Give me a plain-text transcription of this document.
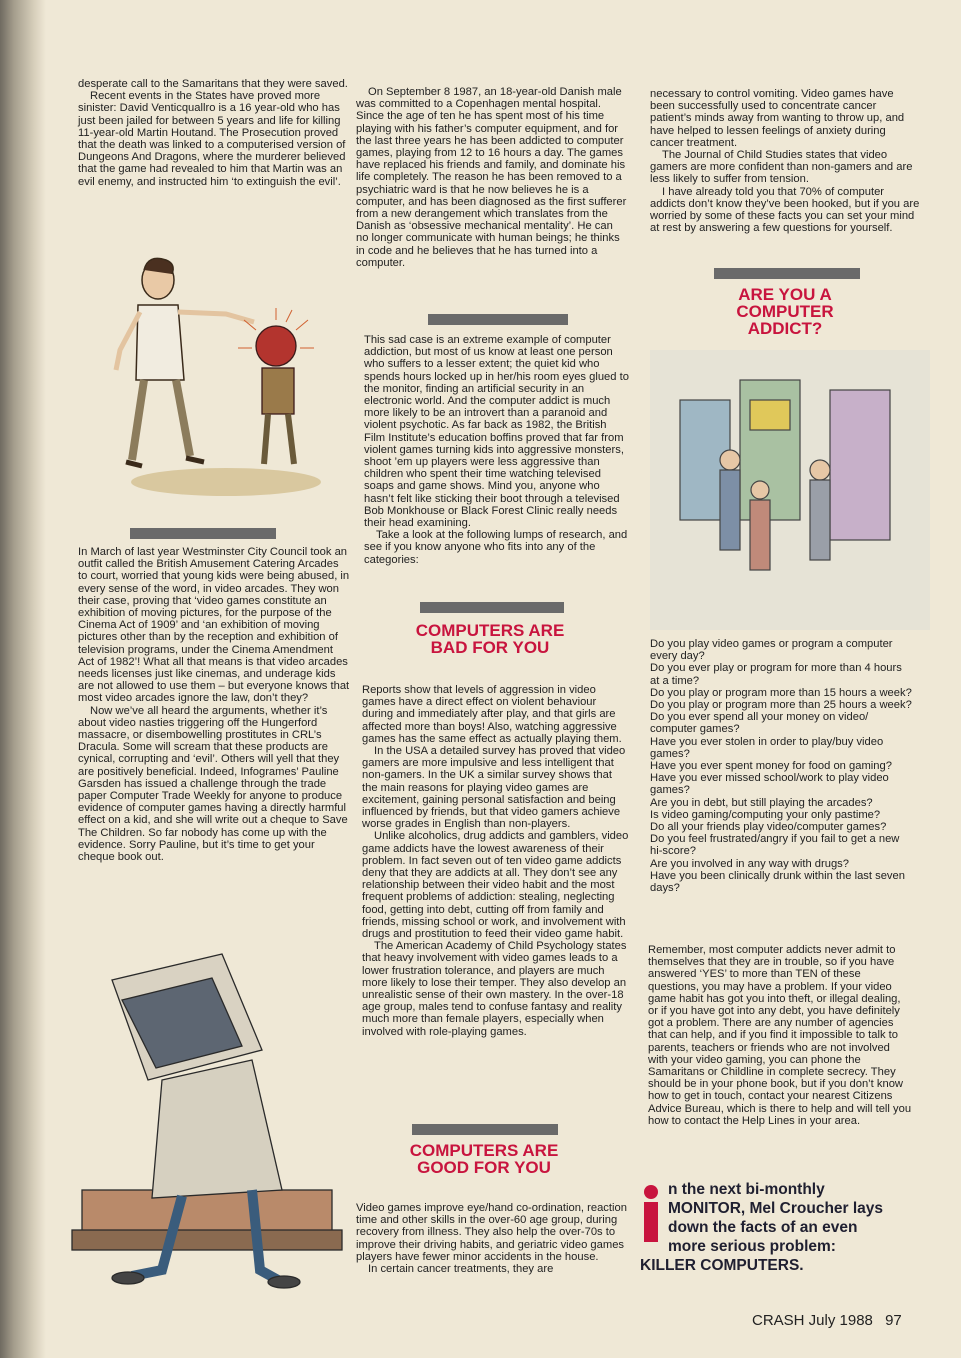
desperate call to the Samaritans that they were saved.

Recent events in the States have proved more sinister: David Venticquallro is a 16 year-old who has just been jailed for between 5 years and life for killing 11-year-old Martin Houtand. The Prosecution proved that the death was linked to a computerised version of Dungeons And Dragons, where the murderer believed that the game had revealed to him that Martin was an evil enemy, and instructed him ‘to extinguish the evil’.

In March of last year Westminster City Council took an outfit called the British Amusement Catering Arcades to court, worried that young kids were being abused, in every sense of the word, in video arcades. They won their case, proving that ‘video games constitute an exhibition of moving pictures, for the purpose of the Cinema Act of 1909’ and ‘an exhibition of moving pictures other than by the reception and exhibition of television programs, under the Cinema Amendment Act of 1982’! What all that means is that video arcades needs licenses just like cinemas, and underage kids are not allowed to use them – but everyone knows that most video arcades ignore the law, don’t they?

Now we’ve all heard the arguments, whether it’s about video nasties triggering off the Hungerford massacre, or disembowelling prostitutes in CRL’s Dracula. Some will scream that these products are cynical, corrupting and ‘evil’. Others will yell that they are positively beneficial. Indeed, Infogrames’ Pauline Garsden has issued a challenge through the trade paper Computer Trade Weekly for anyone to produce evidence of computer games having a directly harmful effect on a kid, and she will write out a cheque to Save The Children. So far nobody has come up with the evidence. Sorry Pauline, but it’s time to get your cheque book out.

On September 8 1987, an 18-year-old Danish male was committed to a Copenhagen mental hospital. Since the age of ten he has spent most of his time playing with his father’s computer equipment, and for the last three years he has been addicted to computer games, playing from 12 to 16 hours a day. The games have replaced his friends and family, and dominate his life completely. The reason he has been removed to a psychiatric ward is that he now believes he is a computer, and has been diagnosed as the first sufferer from a new derangement which translates from the Danish as ‘obsessive mechanical mentality’. He can no longer communicate with human beings; he thinks in code and he believes that he has turned into a computer.

This sad case is an extreme example of computer addiction, but most of us know at least one person who suffers to a lesser extent; the quiet kid who spends hours locked up in her/his room eyes glued to the monitor, finding an artificial security in an electronic world. And the computer addict is much more likely to be an introvert than a paranoid and violent psychotic. As far back as 1982, the British Film Institute’s education boffins proved that far from violent games turning kids into aggressive monsters, shoot ’em up players were less aggressive than children who spent their time watching televised soaps and game shows. Mind you, anyone who hasn’t felt like sticking their boot through a televised Bob Monkhouse or Black Forest Clinic really needs their head examining.

Take a look at the following lumps of research, and see if you know anyone who fits into any of the categories:

COMPUTERS ARE BAD FOR YOU

Reports show that levels of aggression in video games have a direct effect on violent behaviour during and immediately after play, and that girls are affected more than boys! Also, watching aggressive games has the same effect as actually playing them.

In the USA a detailed survey has proved that video gamers are more impulsive and less intelligent that non-gamers. In the UK a similar survey shows that the main reasons for playing video games are excitement, gaining personal satisfaction and being influenced by friends, but that video gamers achieve worse grades in English than non-players.

Unlike alcoholics, drug addicts and gamblers, video game addicts have the lowest awareness of their problem. In fact seven out of ten video game addicts deny that they are addicts at all. They don’t see any relationship between their video habit and the most frequent problems of addiction: stealing, neglecting food, getting into debt, cutting off from family and friends, missing school or work, and involvement with drugs and prostitution to feed their video game habit.

The American Academy of Child Psychology states that heavy involvement with video games leads to a lower frustration tolerance, and players are much more likely to lose their temper. They also develop an unrealistic sense of their own mastery. In the over-18 age group, males tend to confuse fantasy and reality much more than female players, especially when involved with role-playing games.

COMPUTERS ARE GOOD FOR YOU

Video games improve eye/hand co-ordination, reaction time and other skills in the over-60 age group, during recovery from illness. They also help the over-70s to improve their driving habits, and geriatric video games players have fewer minor accidents in the house.

In certain cancer treatments, they are

necessary to control vomiting. Video games have been successfully used to concentrate cancer patient’s minds away from wanting to throw up, and have helped to lessen feelings of anxiety during cancer treatment.

The Journal of Child Studies states that video gamers are more confident than non-gamers and are less likely to suffer from tension.

I have already told you that 70% of computer addicts don’t know they’ve been hooked, but if you are worried by some of these facts you can set your mind at rest by answering a few questions for yourself.

ARE YOU A COMPUTER ADDICT?

Do you play video games or program a computer every day?

Do you ever play or program for more than 4 hours at a time?

Do you play or program more than 15 hours a week?

Do you play or program more than 25 hours a week?

Do you ever spend all your money on video/ computer games?

Have you ever stolen in order to play/buy video games?

Have you ever spent money for food on gaming?

Have you ever missed school/work to play video games?

Are you in debt, but still playing the arcades?

Is video gaming/computing your only pastime?

Do all your friends play video/computer games?

Do you feel frustrated/angry if you fail to get a new hi-score?

Are you involved in any way with drugs?

Have you been clinically drunk within the last seven days?

Remember, most computer addicts never admit to themselves that they are in trouble, so if you have answered ‘YES’ to more than TEN of these questions, you may have a problem. If your video game habit has got you into theft, or illegal dealing, or if you have got into any debt, you have definitely got a problem. There are any number of agencies that can help, and if you find it impossible to talk to parents, teachers or friends who are not involved with your video gaming, you can phone the Samaritans or Childline in complete secrecy. They should be in your phone book, but if you don’t know how to get in touch, contact your nearest Citizens Advice Bureau, which is there to help and will tell you how to contact the Help Lines in your area.

n the next bi-monthly MONITOR, Mel Croucher lays down the facts of an even more serious problem: KILLER COMPUTERS.
CRASH July 1988 97
